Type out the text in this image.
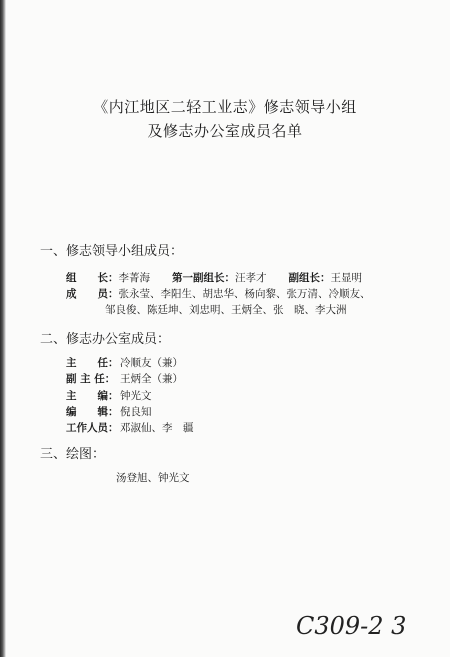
《内江地区二轻工业志》修志领导小组
及修志办公室成员名单
一、修志领导小组成员：
组　　长：李菁海 第一副组长：汪孝才 副组长：王显明
成　　员：张永莹、李阳生、胡忠华、杨向黎、张万清、冷顺友、
邹良俊、陈廷坤、刘忠明、王炳全、张　晓、李大洲
二、修志办公室成员：
主　　任： 冷顺友（兼）
副 主 任： 王炳全（兼）
主　　编： 钟光文
编　　辑： 倪良知
工作人员： 邓淑仙、李　疆
三、绘图：
汤登旭、钟光文
C309-2 3
